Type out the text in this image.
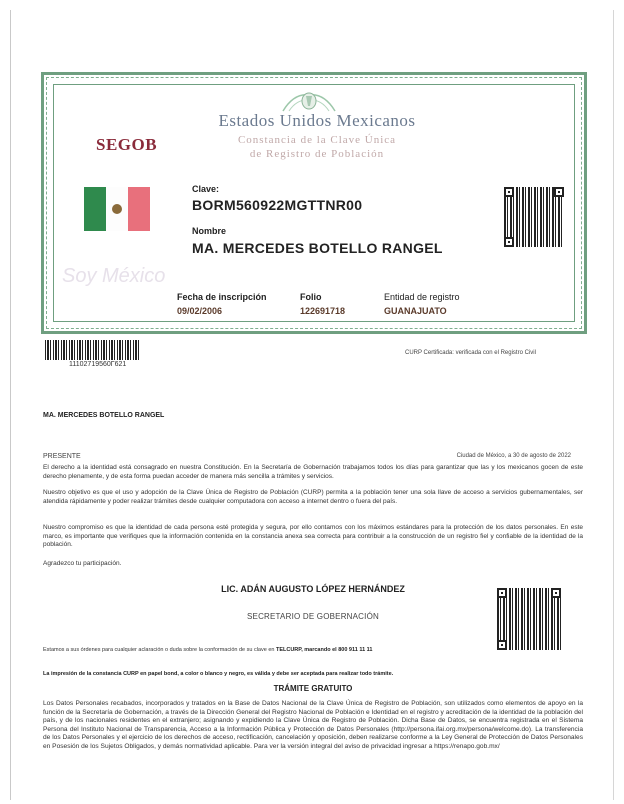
SEGOB
Estados Unidos Mexicanos
Constancia de la Clave Única
de Registro de Población
Soy México
Clave:
BORM560922MGTTNR00
Nombre
MA. MERCEDES BOTELLO RANGEL
Fecha de inscripción
09/02/2006
Folio
122691718
Entidad de registro
GUANAJUATO
11102719560Г621
CURP Certificada: verificada con el Registro Civil
MA. MERCEDES BOTELLO RANGEL
PRESENTE	Ciudad de México, a 30 de agosto de 2022
El derecho a la identidad está consagrado en nuestra Constitución. En la Secretaría de Gobernación trabajamos todos los días para garantizar que las y los mexicanos gocen de este derecho plenamente, y de esta forma puedan acceder de manera más sencilla a trámites y servicios.
Nuestro objetivo es que el uso y adopción de la Clave Única de Registro de Población (CURP) permita a la población tener una sola llave de acceso a servicios gubernamentales, ser atendida rápidamente y poder realizar trámites desde cualquier computadora con acceso a internet dentro o fuera del país.
Nuestro compromiso es que la identidad de cada persona esté protegida y segura, por ello contamos con los máximos estándares para la protección de los datos personales. En este marco, es importante que verifiques que la información contenida en la constancia anexa sea correcta para contribuir a la construcción de un registro fiel y confiable de la identidad de la población.
Agradezco tu participación.
LIC. ADÁN AUGUSTO LÓPEZ HERNÁNDEZ
SECRETARIO DE GOBERNACIÓN
Estamos a sus órdenes para cualquier aclaración o duda sobre la conformación de su clave en TELCURP, marcando el 800 911 11 11
La impresión de la constancia CURP en papel bond, a color o blanco y negro, es válida y debe ser aceptada para realizar todo trámite.
TRÁMITE GRATUITO
Los Datos Personales recabados, incorporados y tratados en la Base de Datos Nacional de la Clave Única de Registro de Población, son utilizados como elementos de apoyo en la función de la Secretaría de Gobernación, a través de la Dirección General del Registro Nacional de Población e Identidad en el registro y acreditación de la identidad de la población del país, y de los nacionales residentes en el extranjero; asignando y expidiendo la Clave Única de Registro de Población. Dicha Base de Datos, se encuentra registrada en el Sistema Persona del Instituto Nacional de Transparencia, Acceso a la Información Pública y Protección de Datos Personales (http://persona.ifai.org.mx/persona/welcome.do). La transferencia de los Datos Personales y el ejercicio de los derechos de acceso, rectificación, cancelación y oposición, deben realizarse conforme a la Ley General de Protección de Datos Personales en Posesión de los Sujetos Obligados, y demás normatividad aplicable. Para ver la versión integral del aviso de privacidad ingresar a https://renapo.gob.mx/
